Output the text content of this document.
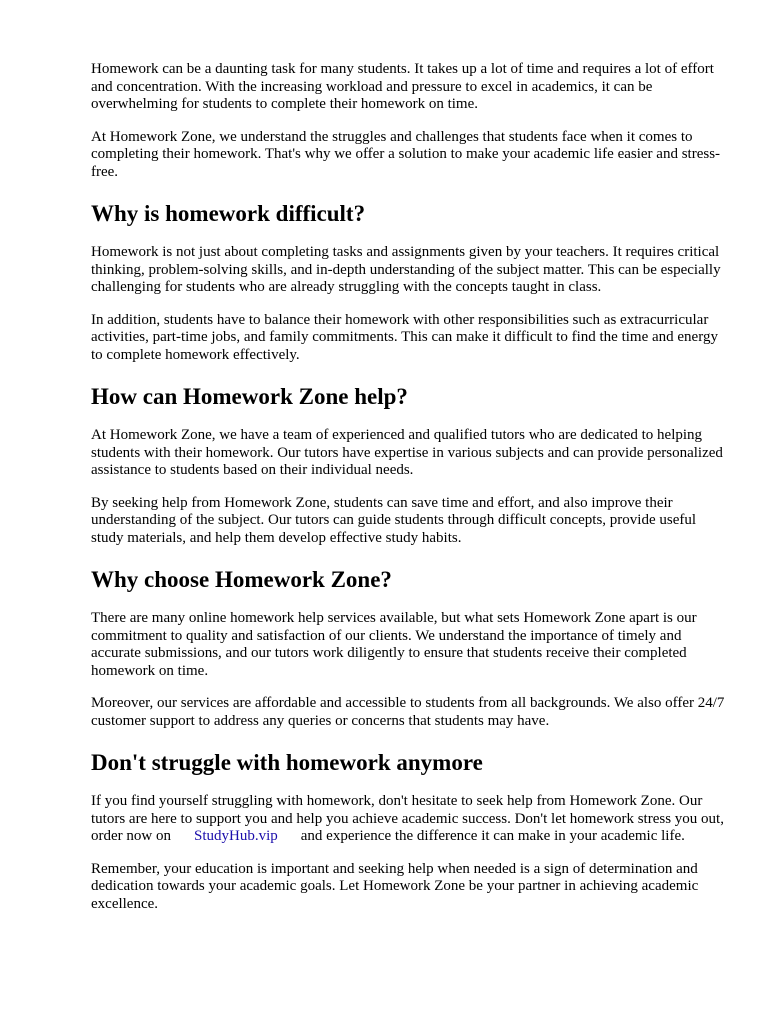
Homework can be a daunting task for many students. It takes up a lot of time and requires a lot of effort and concentration. With the increasing workload and pressure to excel in academics, it can be overwhelming for students to complete their homework on time.

At Homework Zone, we understand the struggles and challenges that students face when it comes to completing their homework. That's why we offer a solution to make your academic life easier and stress-free.

Why is homework difficult?

Homework is not just about completing tasks and assignments given by your teachers. It requires critical thinking, problem-solving skills, and in-depth understanding of the subject matter. This can be especially challenging for students who are already struggling with the concepts taught in class.

In addition, students have to balance their homework with other responsibilities such as extracurricular activities, part-time jobs, and family commitments. This can make it difficult to find the time and energy to complete homework effectively.

How can Homework Zone help?

At Homework Zone, we have a team of experienced and qualified tutors who are dedicated to helping students with their homework. Our tutors have expertise in various subjects and can provide personalized assistance to students based on their individual needs.

By seeking help from Homework Zone, students can save time and effort, and also improve their understanding of the subject. Our tutors can guide students through difficult concepts, provide useful study materials, and help them develop effective study habits.

Why choose Homework Zone?

There are many online homework help services available, but what sets Homework Zone apart is our commitment to quality and satisfaction of our clients. We understand the importance of timely and accurate submissions, and our tutors work diligently to ensure that students receive their completed homework on time.

Moreover, our services are affordable and accessible to students from all backgrounds. We also offer 24/7 customer support to address any queries or concerns that students may have.

Don't struggle with homework anymore

If you find yourself struggling with homework, don't hesitate to seek help from Homework Zone. Our tutors are here to support you and help you achieve academic success. Don't let homework stress you out, order now on StudyHub.vip and experience the difference it can make in your academic life.

Remember, your education is important and seeking help when needed is a sign of determination and dedication towards your academic goals. Let Homework Zone be your partner in achieving academic excellence.
